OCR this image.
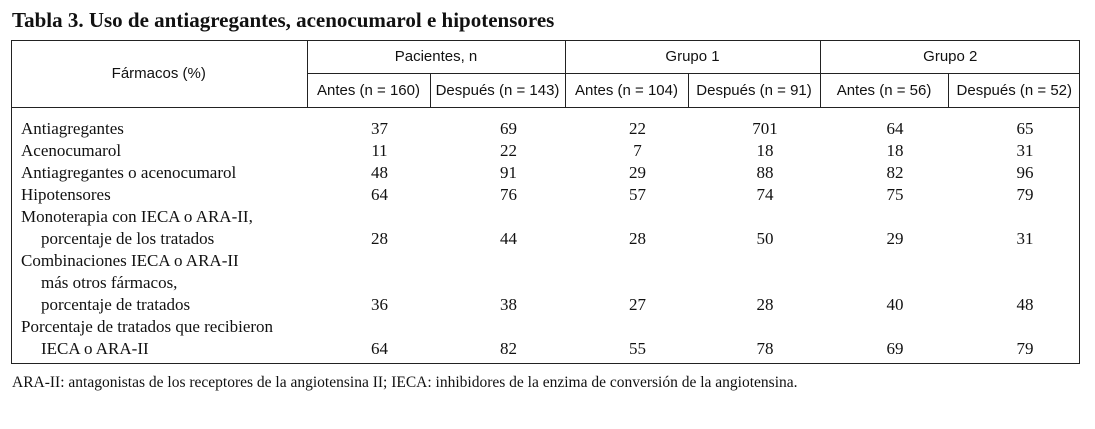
Tabla 3. Uso de antiagregantes, acenocumarol e hipotensores
Fármacos (%)	Pacientes, n		Grupo 1		Grupo 2	
	Antes (n = 160)	Después (n = 143)	Antes (n = 104)	Después (n = 91)	Antes (n = 56)	Después (n = 52)

Antiagregantes	37	69	22	701	64	65
Acenocumarol	11	22	7	18	18	31
Antiagregantes o acenocumarol	48	91	29	88	82	96
Hipotensores	64	76	57	74	75	79
Monoterapia con IECA o ARA-II,						
porcentaje de los tratados	28	44	28	50	29	31
Combinaciones IECA o ARA-II						
más otros fármacos,						
porcentaje de tratados	36	38	27	28	40	48
Porcentaje de tratados que recibieron						
IECA o ARA-II	64	82	55	78	69	79
ARA-II: antagonistas de los receptores de la angiotensina II; IECA: inhibidores de la enzima de conversión de la angiotensina.
